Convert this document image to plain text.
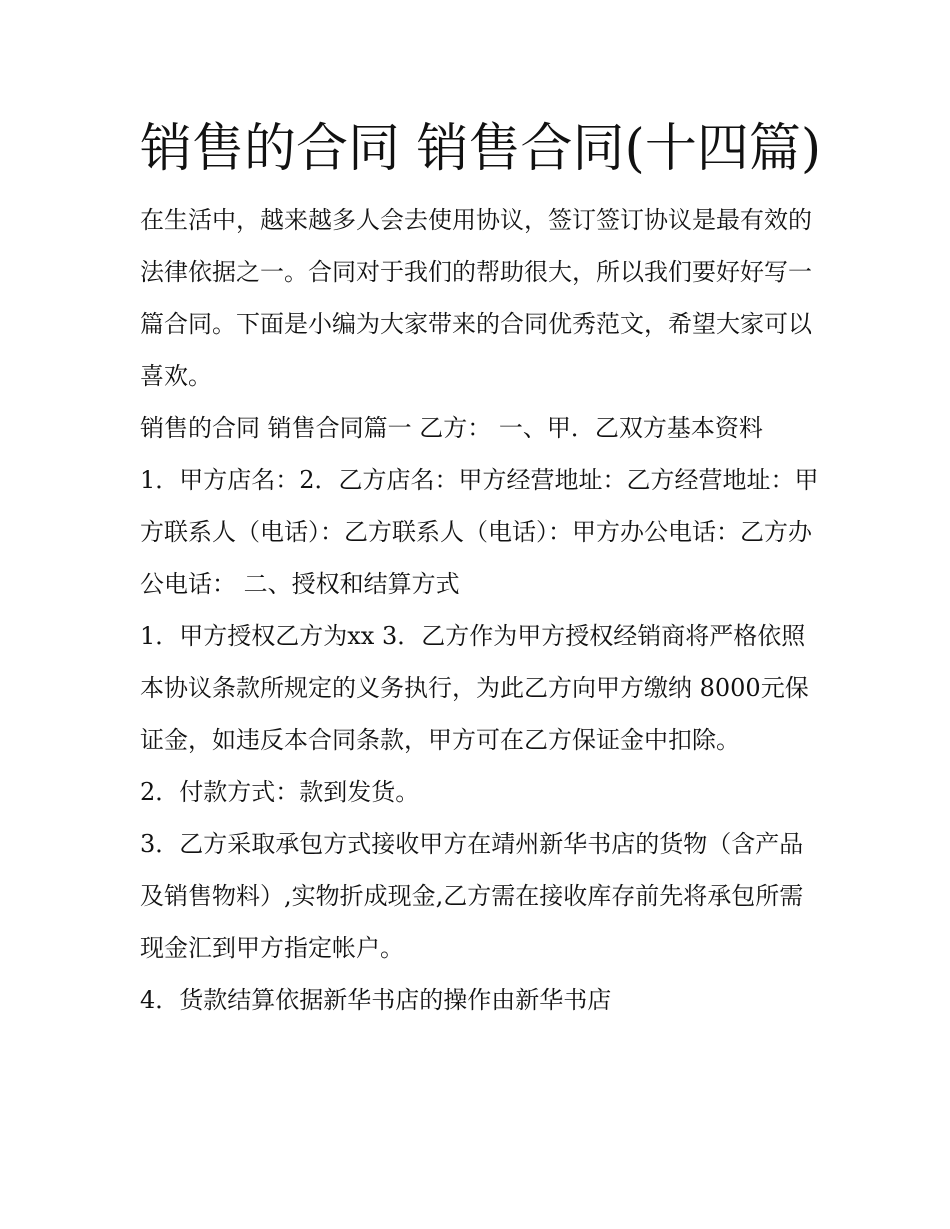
销售的合同 销售合同(十四篇)

在生活中，越来越多人会去使用协议，签订签订协议是最有效的法律依据之一。合同对于我们的帮助很大，所以我们要好好写一篇合同。下面是小编为大家带来的合同优秀范文，希望大家可以喜欢。

销售的合同 销售合同篇一 乙方： 一、甲．乙双方基本资料

1．甲方店名：2．乙方店名：甲方经营地址：乙方经营地址：甲方联系人（电话）：乙方联系人（电话）：甲方办公电话：乙方办公电话： 二、授权和结算方式

1．甲方授权乙方为xx 3．乙方作为甲方授权经销商将严格依照本协议条款所规定的义务执行，为此乙方向甲方缴纳 8000元保证金，如违反本合同条款，甲方可在乙方保证金中扣除。

2．付款方式：款到发货。

3．乙方采取承包方式接收甲方在靖州新华书店的货物（含产品及销售物料）,实物折成现金,乙方需在接收库存前先将承包所需现金汇到甲方指定帐户。

4．货款结算依据新华书店的操作由新华书店
